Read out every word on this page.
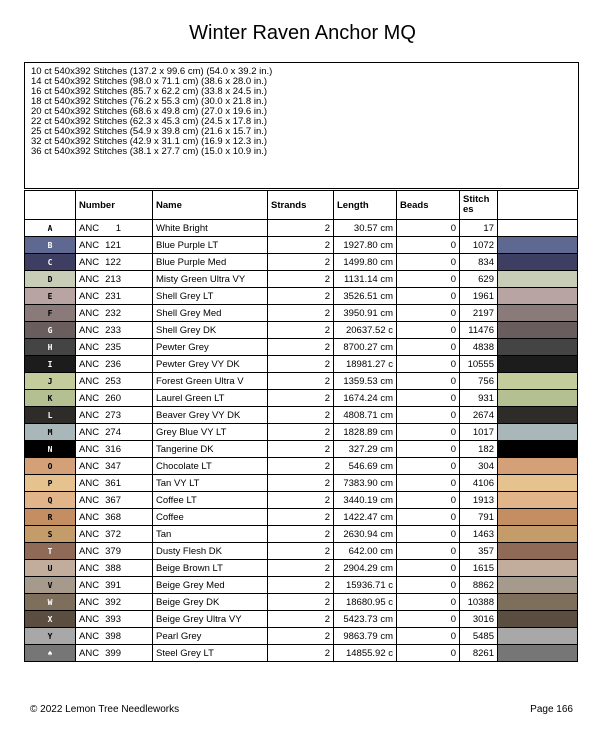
Winter Raven Anchor MQ
10 ct 540x392 Stitches (137.2 x 99.6 cm) (54.0 x 39.2 in.)
14 ct 540x392 Stitches (98.0 x 71.1 cm) (38.6 x 28.0 in.)
16 ct 540x392 Stitches (85.7 x 62.2 cm) (33.8 x 24.5 in.)
18 ct 540x392 Stitches (76.2 x 55.3 cm) (30.0 x 21.8 in.)
20 ct 540x392 Stitches (68.6 x 49.8 cm) (27.0 x 19.6 in.)
22 ct 540x392 Stitches (62.3 x 45.3 cm) (24.5 x 17.8 in.)
25 ct 540x392 Stitches (54.9 x 39.8 cm) (21.6 x 15.7 in.)
32 ct 540x392 Stitches (42.9 x 31.1 cm) (16.9 x 12.3 in.)
36 ct 540x392 Stitches (38.1 x 27.7 cm) (15.0 x 10.9 in.)
	Number	Name	Strands	Length	Beads	Stitch es	
A	ANC 1	White Bright	2	30.57 cm	0	17	
B	ANC 121	Blue Purple LT	2	1927.80 cm	0	1072	
C	ANC 122	Blue Purple Med	2	1499.80 cm	0	834	
D	ANC 213	Misty Green Ultra VY	2	1131.14 cm	0	629	
E	ANC 231	Shell Grey LT	2	3526.51 cm	0	1961	
F	ANC 232	Shell Grey Med	2	3950.91 cm	0	2197	
G	ANC 233	Shell Grey DK	2	20637.52 c	0	11476	
H	ANC 235	Pewter Grey	2	8700.27 cm	0	4838	
I	ANC 236	Pewter Grey VY DK	2	18981.27 c	0	10555	
J	ANC 253	Forest Green Ultra V	2	1359.53 cm	0	756	
K	ANC 260	Laurel Green LT	2	1674.24 cm	0	931	
L	ANC 273	Beaver Grey VY DK	2	4808.71 cm	0	2674	
M	ANC 274	Grey Blue VY LT	2	1828.89 cm	0	1017	
N	ANC 316	Tangerine DK	2	327.29 cm	0	182	
O	ANC 347	Chocolate LT	2	546.69 cm	0	304	
P	ANC 361	Tan VY LT	2	7383.90 cm	0	4106	
Q	ANC 367	Coffee LT	2	3440.19 cm	0	1913	
R	ANC 368	Coffee	2	1422.47 cm	0	791	
S	ANC 372	Tan	2	2630.94 cm	0	1463	
T	ANC 379	Dusty Flesh DK	2	642.00 cm	0	357	
U	ANC 388	Beige Brown LT	2	2904.29 cm	0	1615	
V	ANC 391	Beige Grey Med	2	15936.71 c	0	8862	
W	ANC 392	Beige Grey DK	2	18680.95 c	0	10388	
X	ANC 393	Beige Grey Ultra VY	2	5423.73 cm	0	3016	
Y	ANC 398	Pearl Grey	2	9863.79 cm	0	5485	
♠	ANC 399	Steel Grey LT	2	14855.92 c	0	8261	
© 2022 Lemon Tree Needleworks	Page 166
